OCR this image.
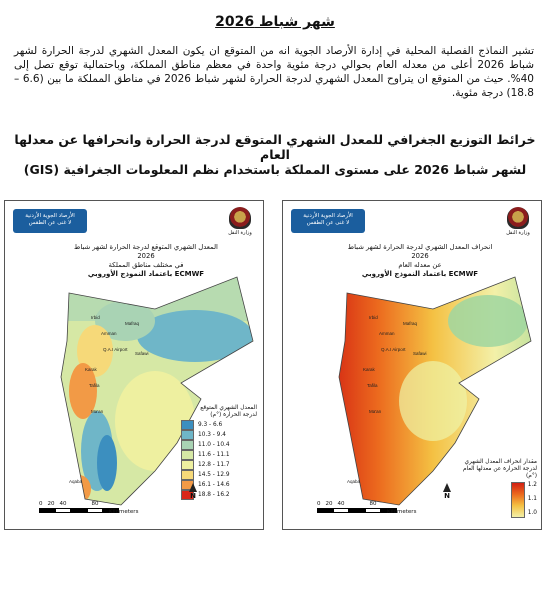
شهر شباط 2026
تشير النماذج الفصلية المحلية في إدارة الأرصاد الجوية انه من المتوقع ان يكون المعدل الشهري لدرجة الحرارة لشهر شباط 2026 أعلى من معدله العام بحوالي درجة مئوية واحدة في معظم مناطق المملكة، وباحتمالية توقع تصل إلى 40%. حيث من المتوقع ان يتراوح المعدل الشهري لدرجة الحرارة لشهر شباط 2026 في مناطق المملكة ما بين (6.6 – 18.8) درجة مئوية.
خرائط التوزيع الجغرافي للمعدل الشهري المتوقع لدرجة الحرارة وانحرافها عن معدلها العام
لشهر شباط 2026 على مستوى المملكة باستخدام نظم المعلومات الجغرافية (GIS)
Irbid
Mafraq
Amman
Q.A.I Airport
Karak
Tafila
Safawi
Ma'an
Aqaba
الأرصاد الجوية الأردنية
لا غنى عن الطقس
وزارة النقل
المعدل الشهري المتوقع لدرجة الحرارة لشهر شباط 2026
في مختلف مناطق المملكة
باعتماد النموذج الأوروبي ECMWF
المعدل الشهري المتوقع
لدرجة الحرارة (°م)
9.3 - 6.6
10.3 - 9.4
11.0 - 10.4
11.6 - 11.1
12.8 - 11.7
14.5 - 12.9
16.1 - 14.6
18.8 - 16.2
N
0 20 40	80
Kilometers
Irbid
Mafraq
Amman
Q.A.I Airport
Karak
Tafila
Safawi
Ma'an
Aqaba
الأرصاد الجوية الأردنية
لا غنى عن الطقس
وزارة النقل
انحراف المعدل الشهري لدرجة الحرارة لشهر شباط 2026
عن معدله العام
باعتماد النموذج الأوروبي ECMWF
مقدار انحراف المعدل الشهري
لدرجة الحرارة عن معدلها العام (°م)
1.2
1.1
1.0
N
0 20 40	80
Kilometers
